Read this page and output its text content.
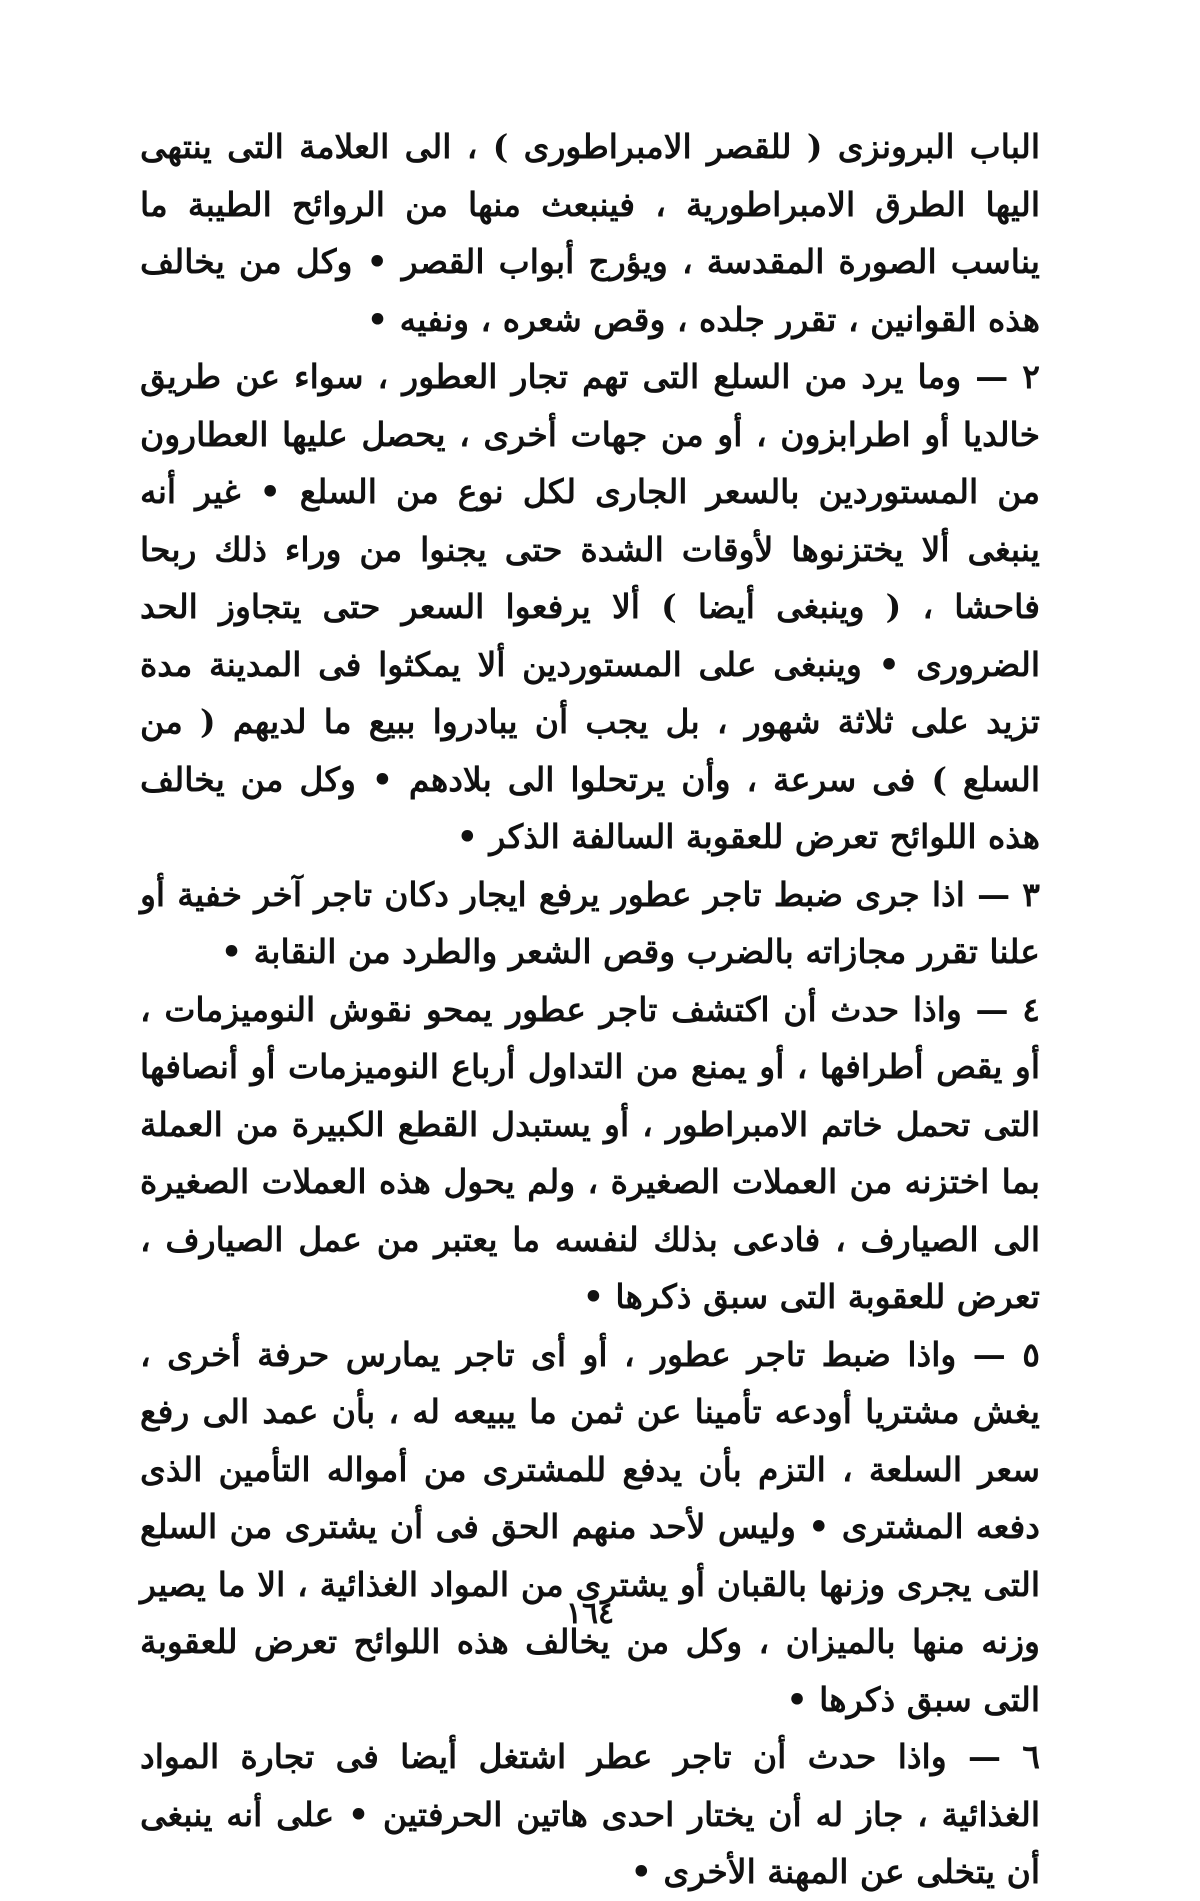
الباب البرونزى ( للقصر الامبراطورى ) ، الى العلامة التى ينتهى اليها الطرق الامبراطورية ، فينبعث منها من الروائح الطيبة ما يناسب الصورة المقدسة ، ويؤرج أبواب القصر • وكل من يخالف هذه القوانين ، تقرر جلده ، وقص شعره ، ونفيه •

٢ — وما يرد من السلع التى تهم تجار العطور ، سواء عن طريق خالديا أو اطرابزون ، أو من جهات أخرى ، يحصل عليها العطارون من المستوردين بالسعر الجارى لكل نوع من السلع • غير أنه ينبغى ألا يختزنوها لأوقات الشدة حتى يجنوا من وراء ذلك ربحا فاحشا ، ( وينبغى أيضا ) ألا يرفعوا السعر حتى يتجاوز الحد الضرورى • وينبغى على المستوردين ألا يمكثوا فى المدينة مدة تزيد على ثلاثة شهور ، بل يجب أن يبادروا ببيع ما لديهم ( من السلع ) فى سرعة ، وأن يرتحلوا الى بلادهم • وكل من يخالف هذه اللوائح تعرض للعقوبة السالفة الذكر •

٣ — اذا جرى ضبط تاجر عطور يرفع ايجار دكان تاجر آخر خفية أو علنا تقرر مجازاته بالضرب وقص الشعر والطرد من النقابة •

٤ — واذا حدث أن اكتشف تاجر عطور يمحو نقوش النوميزمات ، أو يقص أطرافها ، أو يمنع من التداول أرباع النوميزمات أو أنصافها التى تحمل خاتم الامبراطور ، أو يستبدل القطع الكبيرة من العملة بما اختزنه من العملات الصغيرة ، ولم يحول هذه العملات الصغيرة الى الصيارف ، فادعى بذلك لنفسه ما يعتبر من عمل الصيارف ، تعرض للعقوبة التى سبق ذكرها •

٥ — واذا ضبط تاجر عطور ، أو أى تاجر يمارس حرفة أخرى ، يغش مشتريا أودعه تأمينا عن ثمن ما يبيعه له ، بأن عمد الى رفع سعر السلعة ، التزم بأن يدفع للمشترى من أمواله التأمين الذى دفعه المشترى • وليس لأحد منهم الحق فى أن يشترى من السلع التى يجرى وزنها بالقبان أو يشترى من المواد الغذائية ، الا ما يصير وزنه منها بالميزان ، وكل من يخالف هذه اللوائح تعرض للعقوبة التى سبق ذكرها •

٦ — واذا حدث أن تاجر عطر اشتغل أيضا فى تجارة المواد الغذائية ، جاز له أن يختار احدى هاتين الحرفتين • على أنه ينبغى أن يتخلى عن المهنة الأخرى •

١٦٤
